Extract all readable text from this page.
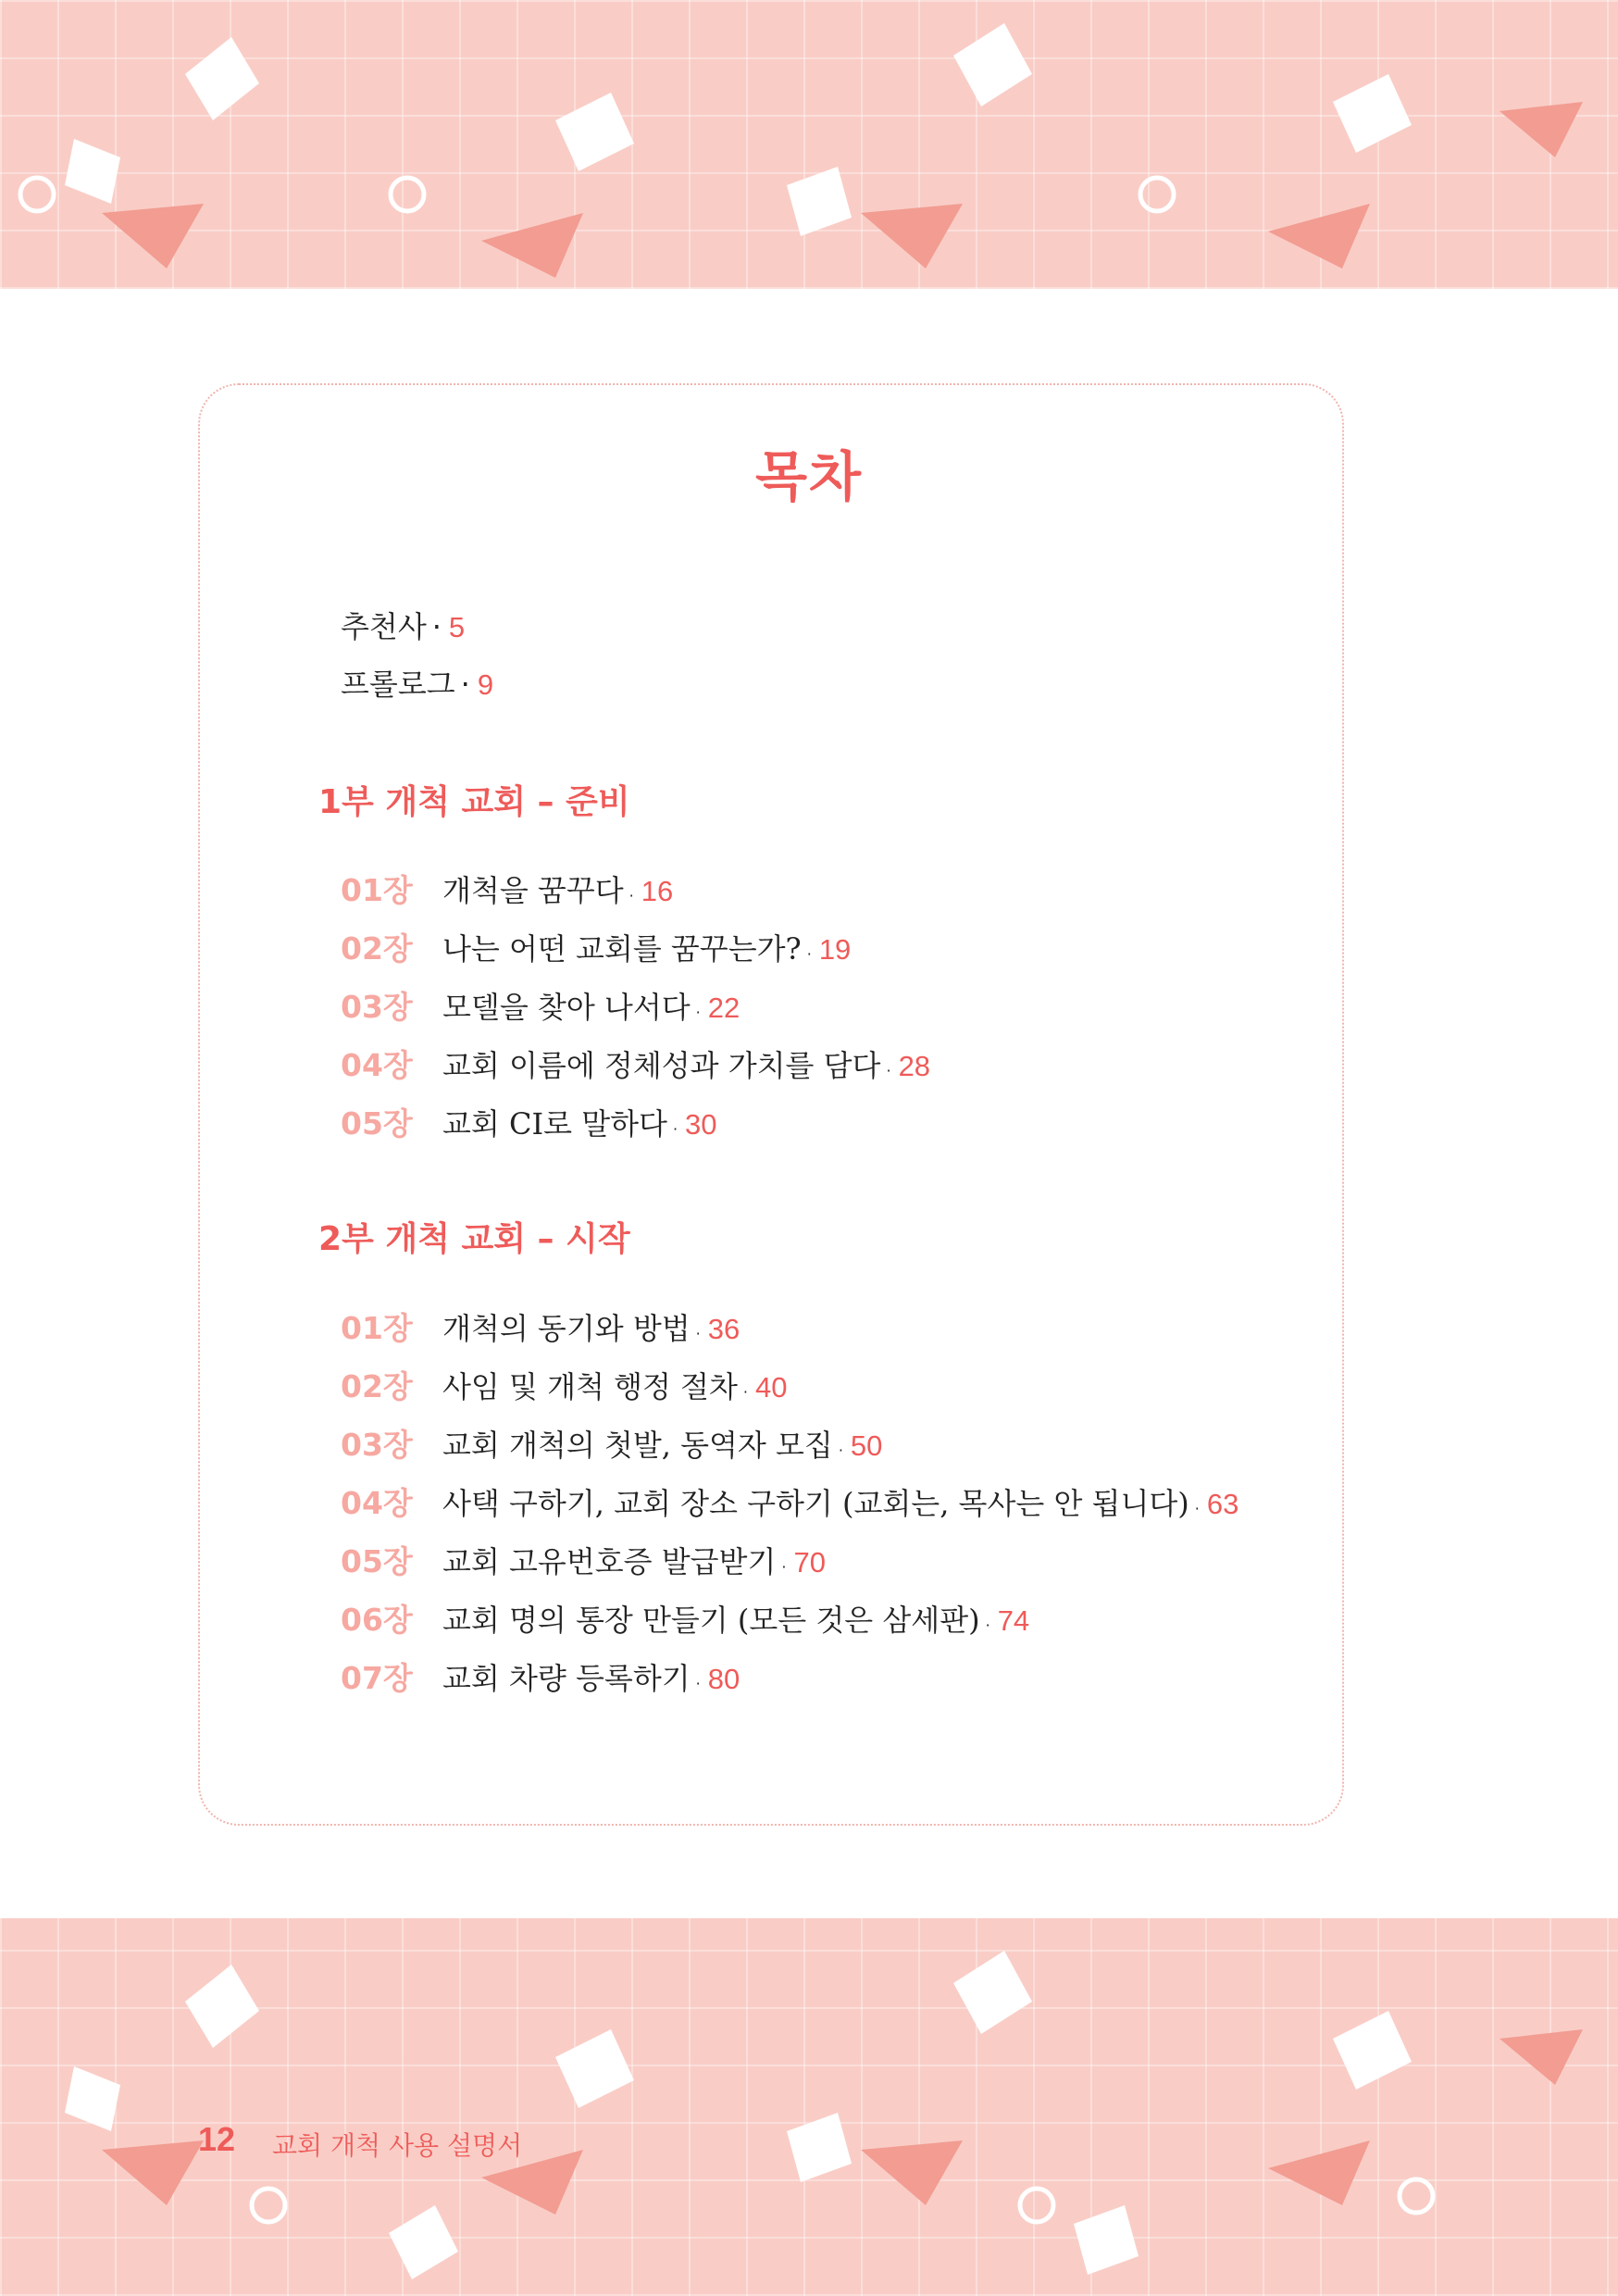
목차
추천사 · 5
프롤로그 · 9
1부 개척 교회 – 준비
01장 개척을 꿈꾸다 · 16
02장 나는 어떤 교회를 꿈꾸는가? · 19
03장 모델을 찾아 나서다 · 22
04장 교회 이름에 정체성과 가치를 담다 · 28
05장 교회 CI로 말하다 · 30
2부 개척 교회 – 시작
01장 개척의 동기와 방법 · 36
02장 사임 및 개척 행정 절차 · 40
03장 교회 개척의 첫발, 동역자 모집 · 50
04장 사택 구하기, 교회 장소 구하기 (교회는, 목사는 안 됩니다) · 63
05장 교회 고유번호증 발급받기 · 70
06장 교회 명의 통장 만들기 (모든 것은 삼세판) · 74
07장 교회 차량 등록하기 · 80
12 교회 개척 사용 설명서
